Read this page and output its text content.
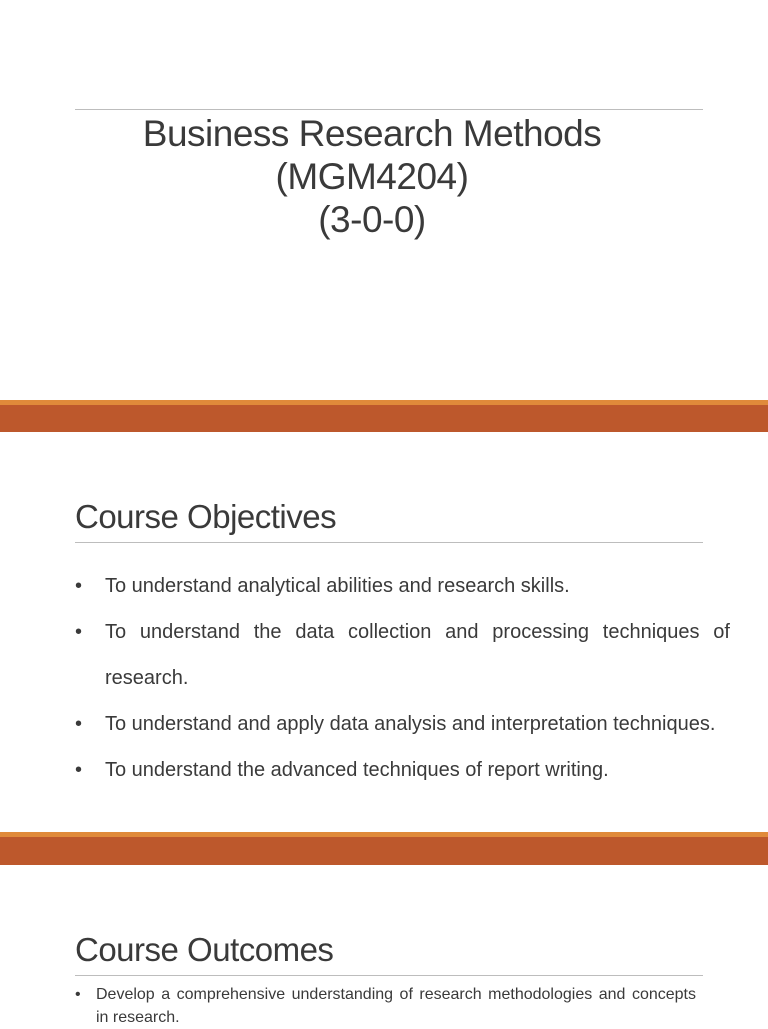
Business Research Methods
(MGM4204)
(3-0-0)
Course Objectives
• To understand analytical abilities and research skills.
• To understand the data collection and processing techniques of research.
• To understand and apply data analysis and interpretation techniques.
• To understand the advanced techniques of report writing.
Course Outcomes
• Develop a comprehensive understanding of research methodologies and concepts in research.
